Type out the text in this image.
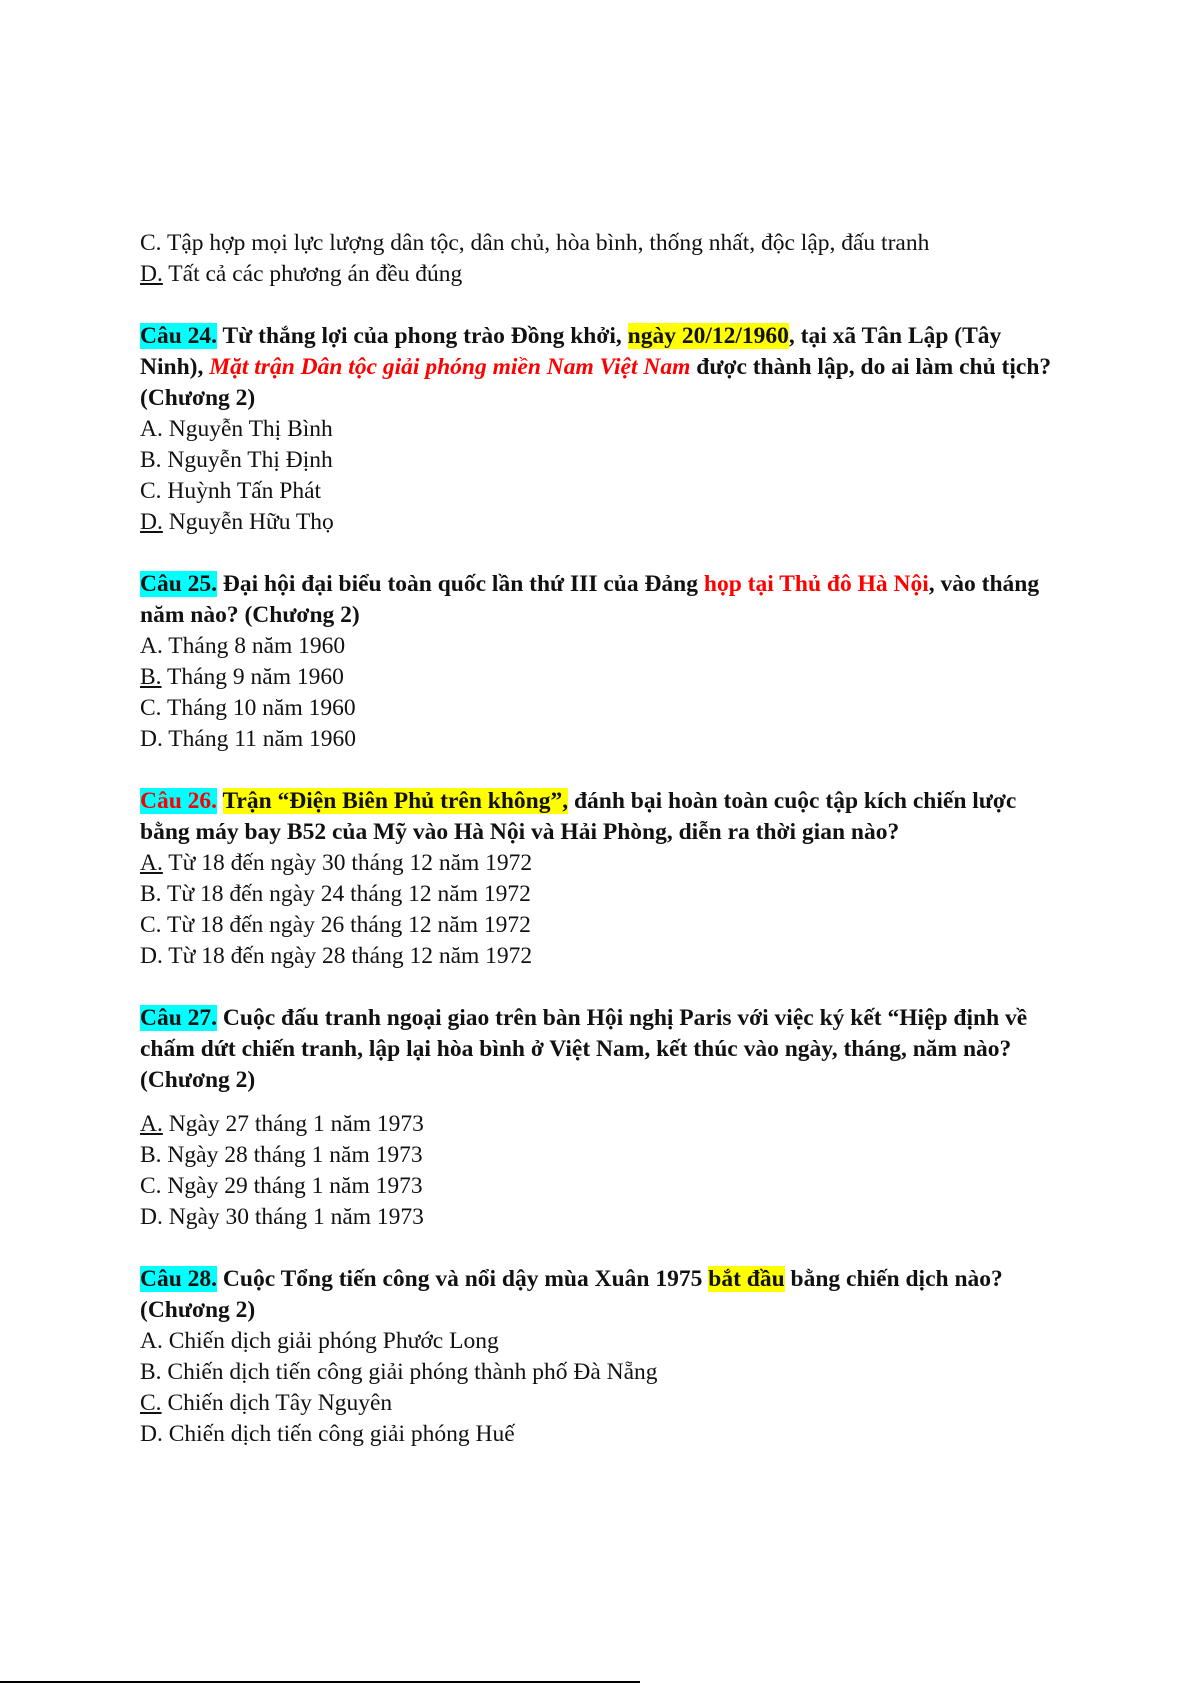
C. Tập hợp mọi lực lượng dân tộc, dân chủ, hòa bình, thống nhất, độc lập, đấu tranh
D. Tất cả các phương án đều đúng
Câu 24. Từ thắng lợi của phong trào Đồng khởi, ngày 20/12/1960, tại xã Tân Lập (Tây Ninh), Mặt trận Dân tộc giải phóng miền Nam Việt Nam được thành lập, do ai làm chủ tịch? (Chương 2)
A. Nguyễn Thị Bình
B. Nguyễn Thị Định
C. Huỳnh Tấn Phát
D. Nguyễn Hữu Thọ
Câu 25. Đại hội đại biểu toàn quốc lần thứ III của Đảng họp tại Thủ đô Hà Nội, vào tháng năm nào? (Chương 2)
A. Tháng 8 năm 1960
B. Tháng 9 năm 1960
C. Tháng 10 năm 1960
D. Tháng 11 năm 1960
Câu 26. Trận “Điện Biên Phủ trên không”, đánh bại hoàn toàn cuộc tập kích chiến lược bằng máy bay B52 của Mỹ vào Hà Nội và Hải Phòng, diễn ra thời gian nào?
A. Từ 18 đến ngày 30 tháng 12 năm 1972
B. Từ 18 đến ngày 24 tháng 12 năm 1972
C. Từ 18 đến ngày 26 tháng 12 năm 1972
D. Từ 18 đến ngày 28 tháng 12 năm 1972
Câu 27. Cuộc đấu tranh ngoại giao trên bàn Hội nghị Paris với việc ký kết “Hiệp định về chấm dứt chiến tranh, lập lại hòa bình ở Việt Nam, kết thúc vào ngày, tháng, năm nào? (Chương 2)
A. Ngày 27 tháng 1 năm 1973
B. Ngày 28 tháng 1 năm 1973
C. Ngày 29 tháng 1 năm 1973
D. Ngày 30 tháng 1 năm 1973
Câu 28. Cuộc Tổng tiến công và nổi dậy mùa Xuân 1975 bắt đầu bằng chiến dịch nào? (Chương 2)
A. Chiến dịch giải phóng Phước Long
B. Chiến dịch tiến công giải phóng thành phố Đà Nẵng
C. Chiến dịch Tây Nguyên
D. Chiến dịch tiến công giải phóng Huế
